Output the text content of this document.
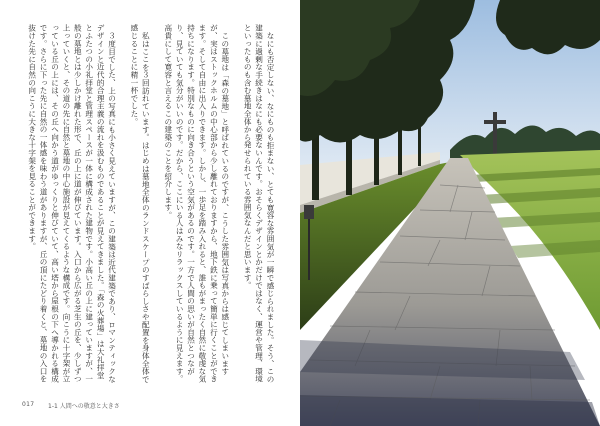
なにも否定しない、なにものも拒まない、とても寛容な雰囲気が一瞬で感じられました。そう、この建築に過剰な手続きはなにも必要ないんです。おそらくデザインとかだけではなく、運営や管理、環境といったものも含む墓地全体から発せられている雰囲気なんだと思います。

この墓地は「森の墓地」と呼ばれているのですが、こうした雰囲気は写真からは感じてしまいますが、実はストックホルムの中心部から少し離れておりますから、地下鉄に乗って簡単に行くことができます。そして自由に出入りできます。しかし、一歩足を踏み入れると、誰もがまったく自然に敬虔な気持ちになります。特別なものに向き合うという空気があるのです。一方で人間の思いが自然とつながり、見ていても気分がいいのです。だから、ここにいる人はみなリラックスしているように見えます。高貴にして寛容と言えるこの建築のことを紹介します。

私はここを３回訪れています。はじめは墓地全体のランドスケープのすばらしさや配置を身体全体で感じることに精一杯でした。

３度目でした、上の写真にも小さく見えていますが、この建築は近代建築であり、ロマンティックなデザインと近代的合理主義の流れを汲むものであることが見えてきました。「森の火葬場」は大礼拝堂とふたつの小礼拝堂と管理スペースが一体に構成された建物です。小高い丘の上に建っていますが、一般の墓地とは少しかけ離れた形で、丘の上に道が伸びています。入口から広がる芝生の丘を、少しずつ上っていくと、その道の先に自然と墓地の中心施設が見えてくるような構成です。向こうに十字架が立っている丘の上には、その丘へ向かう道がゆっくりと伸びていて、高い塔から屋根の下へ導かれる構成です。さらに下った先に自然の一体感を味わう道がありますが、丘の頂にたどり着くと、墓地の入口を抜けた先に自然の向こうに大きな十字架を見ることができます。

017 1-1 人間への敬意と大きさ
